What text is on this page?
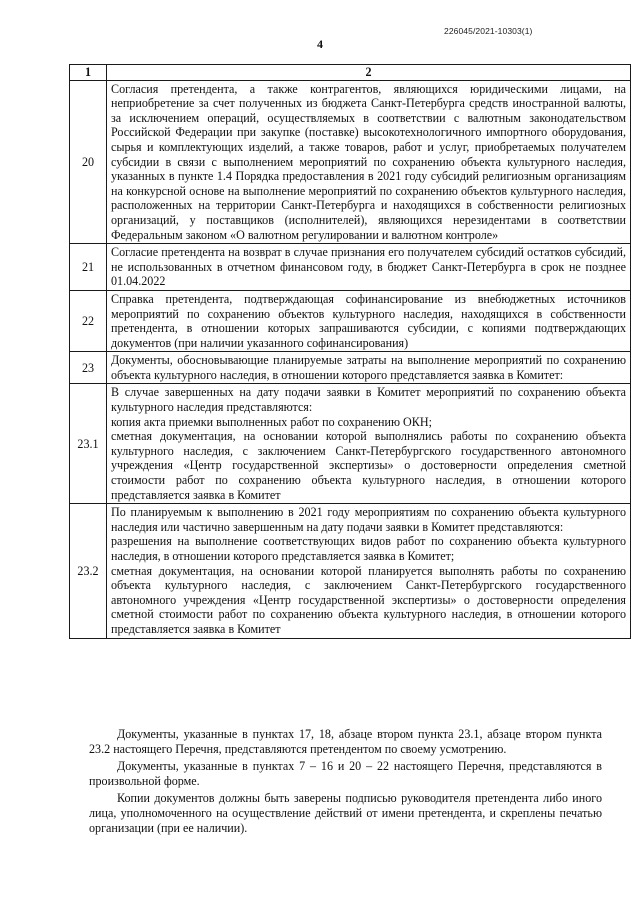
226045/2021-10303(1)
4
1	2
20	Согласия претендента, а также контрагентов, являющихся юридическими лицами, на неприобретение за счет полученных из бюджета Санкт-Петербурга средств иностранной валюты, за исключением операций, осуществляемых в соответствии с валютным законодательством Российской Федерации при закупке (поставке) высокотехнологичного импортного оборудования, сырья и комплектующих изделий, а также товаров, работ и услуг, приобретаемых получателем субсидии в связи с выполнением мероприятий по сохранению объекта культурного наследия, указанных в пункте 1.4 Порядка предоставления в 2021 году субсидий религиозным организациям на конкурсной основе на выполнение мероприятий по сохранению объектов культурного наследия, расположенных на территории Санкт-Петербурга и находящихся в собственности религиозных организаций, у поставщиков (исполнителей), являющихся нерезидентами в соответствии Федеральным законом «О валютном регулировании и валютном контроле»

21	Согласие претендента на возврат в случае признания его получателем субсидий остатков субсидий, не использованных в отчетном финансовом году, в бюджет Санкт-Петербурга в срок не позднее 01.04.2022

22	Справка претендента, подтверждающая софинансирование из внебюджетных источников мероприятий по сохранению объектов культурного наследия, находящихся в собственности претендента, в отношении которых запрашиваются субсидии, с копиями подтверждающих документов (при наличии указанного софинансирования)

23	Документы, обосновывающие планируемые затраты на выполнение мероприятий по сохранению объекта культурного наследия, в отношении которого представляется заявка в Комитет:

23.1	В случае завершенных на дату подачи заявки в Комитет мероприятий по сохранению объекта культурного наследия представляются:

копия акта приемки выполненных работ по сохранению ОКН;

сметная документация, на основании которой выполнялись работы по сохранению объекта культурного наследия, с заключением Санкт-Петербургского государственного автономного учреждения «Центр государственной экспертизы» о достоверности определения сметной стоимости работ по сохранению объекта культурного наследия, в отношении которого представляется заявка в Комитет

23.2	По планируемым к выполнению в 2021 году мероприятиям по сохранению объекта культурного наследия или частично завершенным на дату подачи заявки в Комитет представляются:

разрешения на выполнение соответствующих видов работ по сохранению объекта культурного наследия, в отношении которого представляется заявка в Комитет;

сметная документация, на основании которой планируется выполнять работы по сохранению объекта культурного наследия, с заключением Санкт-Петербургского государственного автономного учреждения «Центр государственной экспертизы» о достоверности определения сметной стоимости работ по сохранению объекта культурного наследия, в отношении которого представляется заявка в Комитет

Документы, указанные в пунктах 17, 18, абзаце втором пункта 23.1, абзаце втором пункта 23.2 настоящего Перечня, представляются претендентом по своему усмотрению.

Документы, указанные в пунктах 7 – 16 и 20 – 22 настоящего Перечня, представляются в произвольной форме.

Копии документов должны быть заверены подписью руководителя претендента либо иного лица, уполномоченного на осуществление действий от имени претендента, и скреплены печатью организации (при ее наличии).
